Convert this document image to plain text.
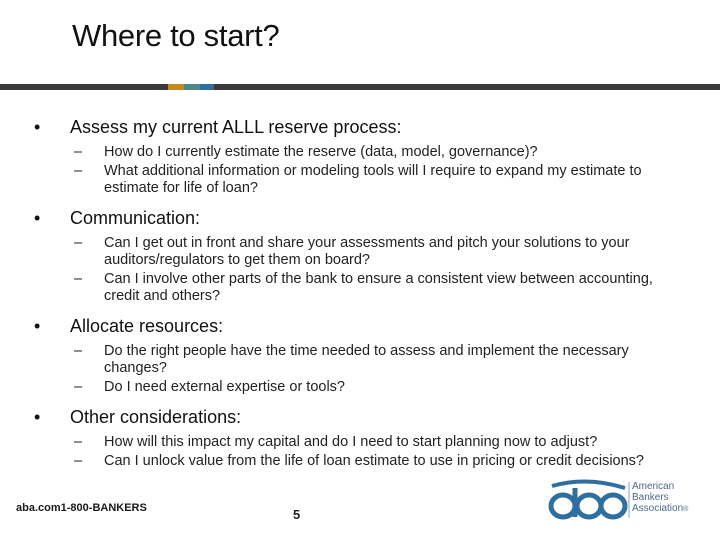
Where to start?
•	Assess my current ALLL reserve process:
–	How do I currently estimate the reserve (data, model, governance)?
–	What additional information or modeling tools will I require to expand my estimate to estimate for life of loan?
•	Communication:
–	Can I get out in front and share your assessments and pitch your solutions to your auditors/regulators to get them on board?
–	Can I involve other parts of the bank to ensure a consistent view between accounting, credit and others?
•	Allocate resources:
–	Do the right people have the time needed to assess and implement the necessary changes?
–	Do I need external expertise or tools?
•	Other considerations:
–	How will this impact my capital and do I need to start planning now to adjust?
–	Can I unlock value from the life of loan estimate to use in pricing or credit decisions?
aba.com 1-800-BANKERS	5
American
Bankers
Association®
